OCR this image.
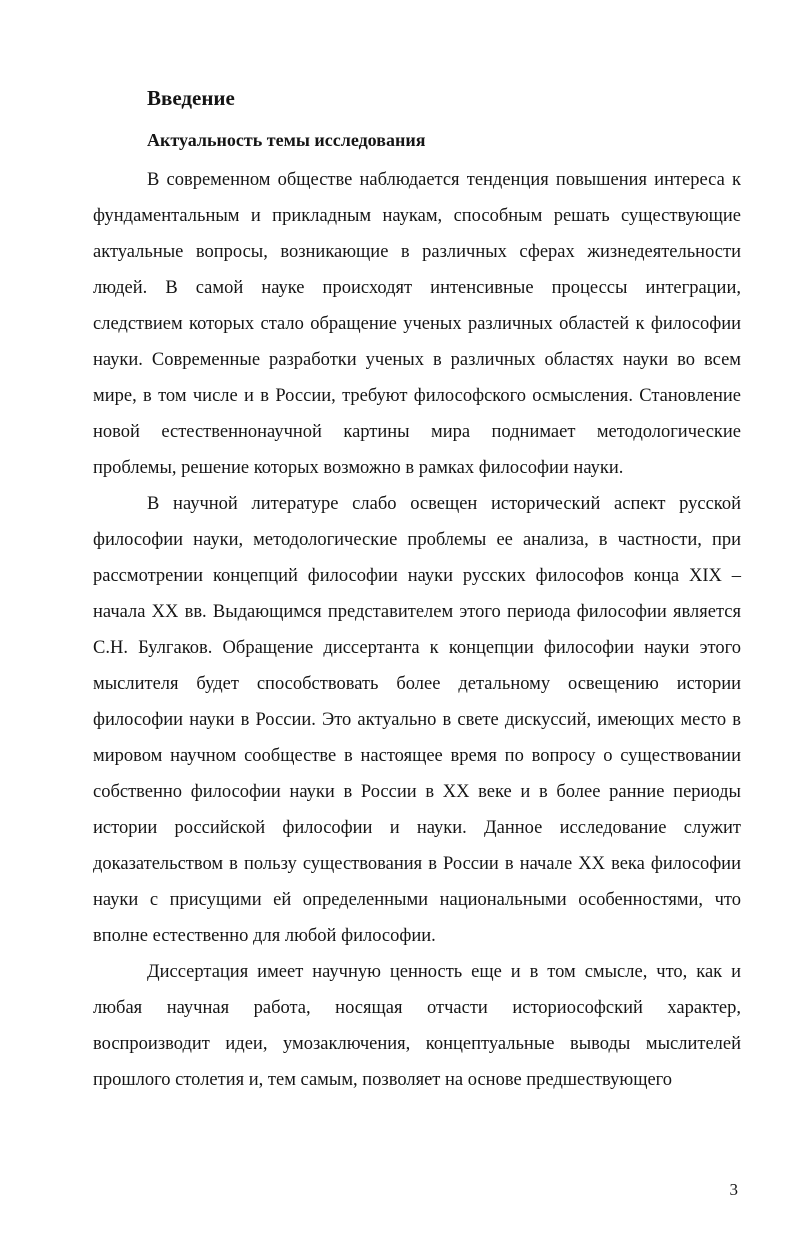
Введение
Актуальность темы исследования

В современном обществе наблюдается тенденция повышения интереса к фундаментальным и прикладным наукам, способным решать существующие актуальные вопросы, возникающие в различных сферах жизнедеятельности людей. В самой науке происходят интенсивные процессы интеграции, следствием которых стало обращение ученых различных областей к философии науки. Современные разработки ученых в различных областях науки во всем мире, в том числе и в России, требуют философского осмысления. Становление новой естественнонаучной картины мира поднимает методологические проблемы, решение которых возможно в рамках философии науки.

В научной литературе слабо освещен исторический аспект русской философии науки, методологические проблемы ее анализа, в частности, при рассмотрении концепций философии науки русских философов конца XIX – начала XX вв. Выдающимся представителем этого периода философии является С.Н. Булгаков. Обращение диссертанта к концепции философии науки этого мыслителя будет способствовать более детальному освещению истории философии науки в России. Это актуально в свете дискуссий, имеющих место в мировом научном сообществе в настоящее время по вопросу о существовании собственно философии науки в России в XX веке и в более ранние периоды истории российской философии и науки. Данное исследование служит доказательством в пользу существования в России в начале XX века философии науки с присущими ей определенными национальными особенностями, что вполне естественно для любой философии.

Диссертация имеет научную ценность еще и в том смысле, что, как и любая научная работа, носящая отчасти историософский характер, воспроизводит идеи, умозаключения, концептуальные выводы мыслителей прошлого столетия и, тем самым, позволяет на основе предшествующего

3
